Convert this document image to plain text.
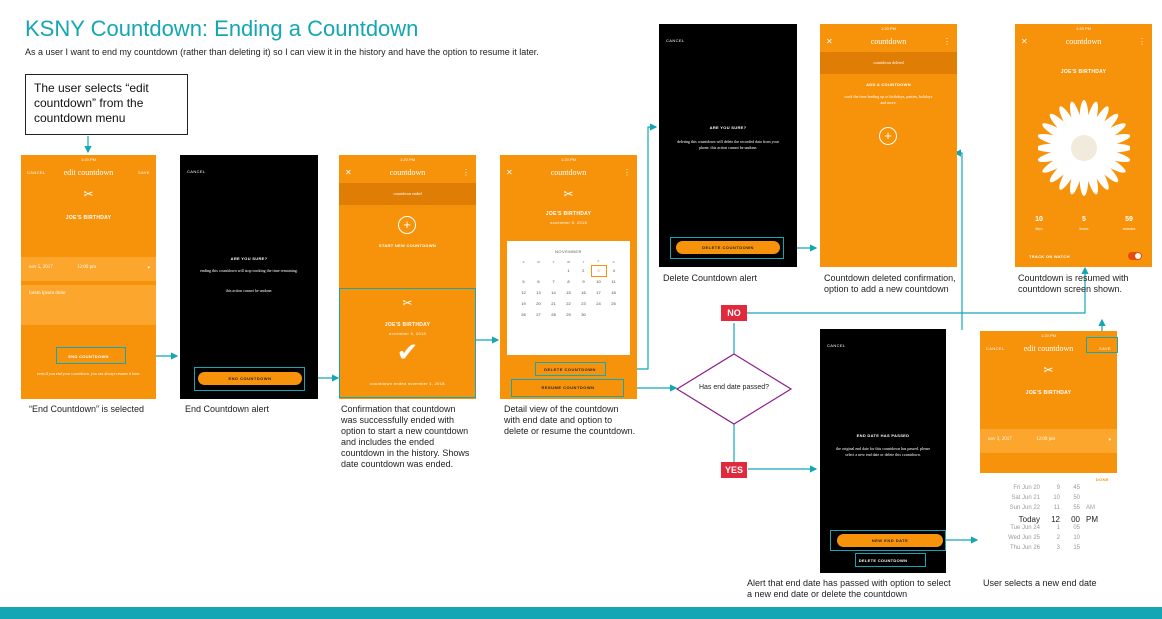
KSNY Countdown: Ending a Countdown
As a user I want to end my countdown (rather than deleting it) so I can view it in the history and have the option to resume it later.
The user selects “edit countdown” from the countdown menu
Has end date passed?
NO
YES
1:20 PM
CANCEL edit countdown	SAVE
✂
JOE'S BIRTHDAY
nov 5, 2017	12:00 pm	▾
lorem ipsum dolor
END COUNTDOWN
even if you end your countdown, you can always resume it later.
“End Countdown” is selected
CANCEL
ARE YOU SURE?
ending this countdown will stop tracking the time remaining.
this action cannot be undone.
END COUNTDOWN
End Countdown alert
1:20 PM
✕	countdown	⋮
countdown ended
+
START NEW COUNTDOWN
✂
JOE'S BIRTHDAY
november 5, 2018
✔
countdown ended november 1, 2018
Confirmation that countdown was successfully ended with option to start a new countdown and includes the ended countdown in the history. Shows date countdown was ended.
1:20 PM
✕	countdown	⋮
✂
JOE'S BIRTHDAY
november 5, 2018
NOVEMBER
S	M	T	W	T	F	S
			1	2	3	4
5	6	7	8	9	10	11
12	13	14	15	16	17	18
19	20	21	22	23	24	25
26	27	28	29	30		
DELETE COUNTDOWN
RESUME COUNTDOWN
Detail view of the countdown with end date and option to delete or resume the countdown.
CANCEL
ARE YOU SURE?
deleting this countdown will delete the recorded data from your phone. this action cannot be undone.
DELETE COUNTDOWN
Delete Countdown alert
1:20 PM
✕	countdown	⋮
countdown deleted
ADD A COUNTDOWN
track the time leading up to birthdays, parties, holidays and more.
+
Countdown deleted confirmation, option to add a new countdown
1:20 PM
✕	countdown	⋮
JOE'S BIRTHDAY
10
days
5
hours
59
minutes
TRACK ON WATCH
Countdown is resumed with countdown screen shown.
CANCEL
END DATE HAS PASSED
the original end date for this countdown has passed. please select a new end date or delete this countdown.
DELETE COUNTDOWN
NEW END DATE
Alert that end date has passed with option to select a new end date or delete the countdown
1:20 PM
CANCEL edit countdown	SAVE
✂
JOE'S BIRTHDAY
nov 3, 2017	12:00 pm	▾
DONE
Fri Jun 20	9	45
Sat Jun 21	10	50
Sun Jun 22	11	55 AM
Today	12	00 PM
Tue Jun 24	1	05
Wed Jun 25	2	10
Thu Jun 26	3	15
User selects a new end date
